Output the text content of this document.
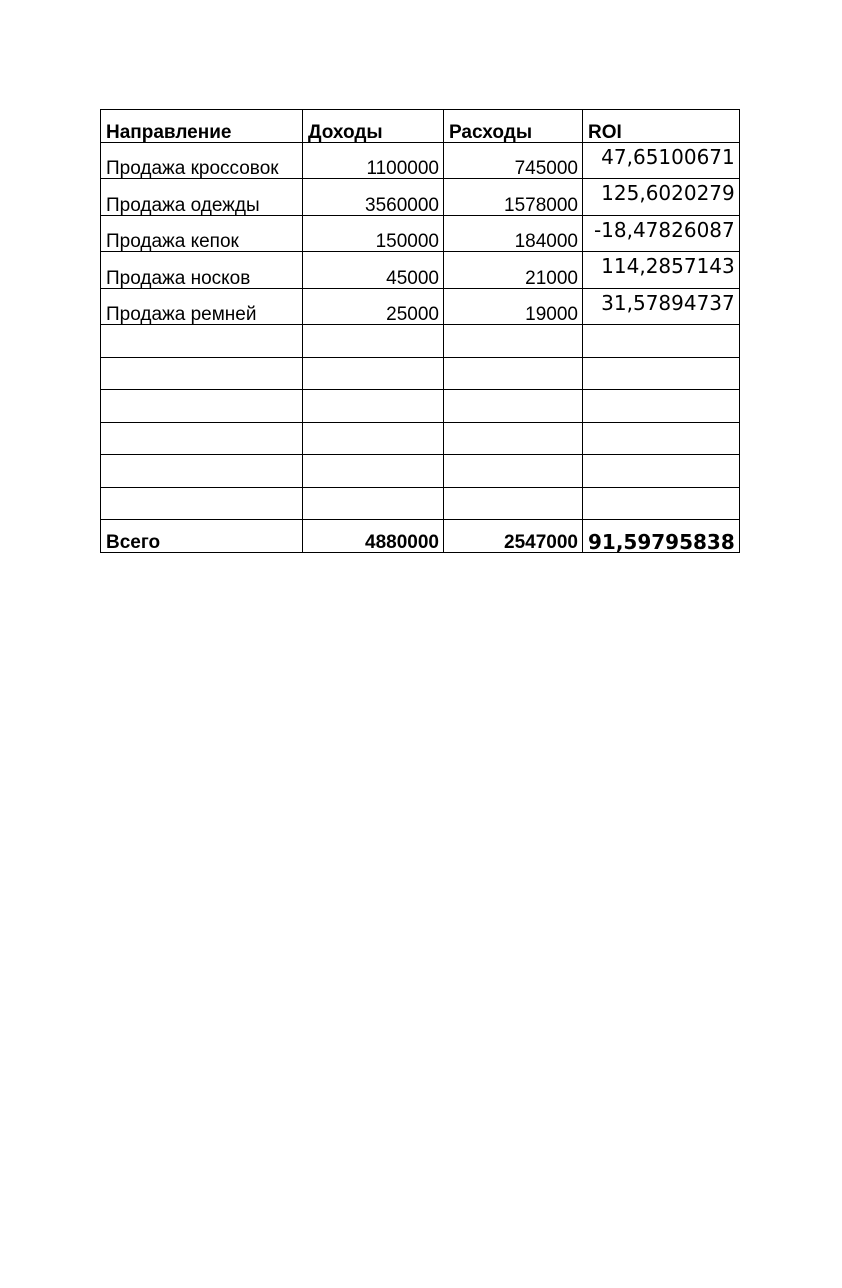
Направление	Доходы	Расходы	ROI
Продажа кроссовок	1100000	745000	47,65100671
Продажа одежды	3560000	1578000	125,6020279
Продажа кепок	150000	184000	-18,47826087
Продажа носков	45000	21000	114,2857143
Продажа ремней	25000	19000	31,57894737

Всего	4880000	2547000	91,59795838
